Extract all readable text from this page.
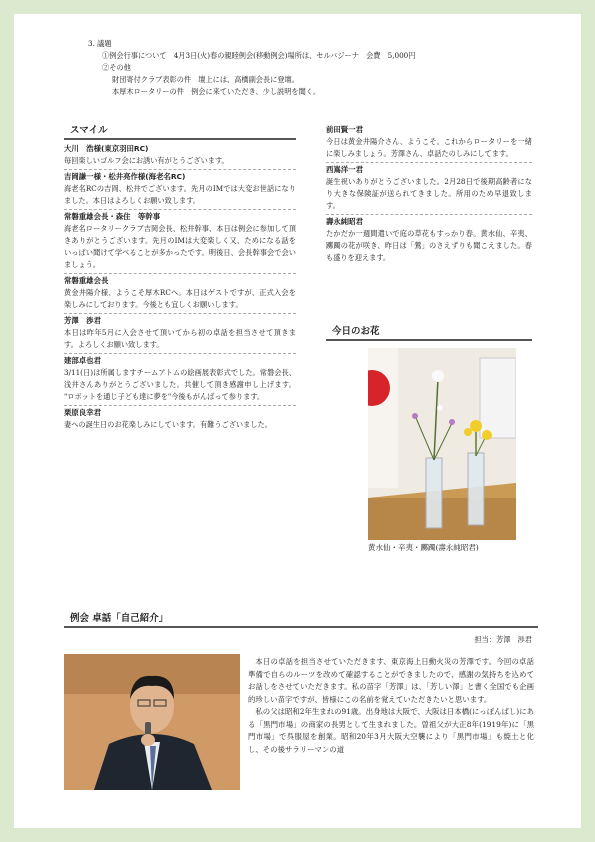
3. 議題
①例会行事について　4月3日(火)春の親睦例会(移動例会)場所は、セルバジーナ　会費　5,000円
②その他
財団寄付クラブ表彰の件　壇上には、高橋副会長に登壇。
本厚木ロータリーの件　例会に来ていただき、少し説明を聞く。
スマイル
大川　浩様(東京羽田RC)

毎回楽しいゴルフ会にお誘い有がとうございます。

吉岡謙一様・松井亮作様(海老名RC)

海老名RCの吉岡、松井でございます。先月のIMでは大変お世話になりました。本日はよろしくお願い致します。

常磐重雄会長・森住　等幹事

海老名ロータリークラブ吉岡会長、松井幹事、本日は例会に参加して頂きありがとうございます。先月のIMは大変楽しく又、ためになる話をいっぱい聞けて学べることが多かったです。明後日、会長幹事会で会いましょう。

常磐重雄会長

黄金井陽介様、ようこそ厚木RCへ。本日はゲストですが、正式入会を楽しみにしております。今後とも宜しくお願いします。

芳澤　渉君

本日は昨年5月に入会させて頂いてから初の卓話を担当させて頂きます。よろしくお願い致します。

建部卓也君

3/11(日)は所属しますチームアトムの絵画展表彰式でした。常磐会長、浅井さんありがとうございました。共催して頂き感謝申し上げます。 "ロボットを通じ子ども達に夢を"今後もがんばって参ります。

栗原良幸君

妻への誕生日のお花楽しみにしています。有難うございました。

前田賢一君

今日は黄金井陽介さん、ようこそ。これからロータリーを一緒に楽しみましょう。芳澤さん、卓話たのしみにしてます。

西嶌洋一君

誕生祝いありがとうございました。2月28日で後期高齢者になり大きな保険証が送られてきました。所用のため早退致します。

壽永純昭君

たかだか一週間遣いで庭の草花もすっかり春。黄水仙、辛夷、躑躅の花が咲き、昨日は「鶯」のさえずりも聞こえました。春も盛りを迎えます。

今日のお花
黄水仙・辛夷・躑躅(壽永純昭君)
例会 卓話「自己紹介」
担当：芳澤　渉君

本日の卓話を担当させていただきます、東京海上日動火災の芳澤です。今回の卓話準備で自らのルーツを改めて確認することができましたので、感謝の気持ちを込めてお話しをさせていただきます。私の苗字「芳澤」は、「芳しい澤」と書く全国でも企画的珍しい苗字ですが、皆様にこの名前を覚えていただきたいと思います。

私の父は昭和2年生まれの91歳。出身地は大阪で、大阪は日本橋(にっぽんばし)にある「黒門市場」の商家の長男として生まれました。曽祖父が大正8年(1919年)に「黒門市場」で呉服屋を創業。昭和20年3月大阪大空襲により「黒門市場」も焼土と化し、その後サラリーマンの道
